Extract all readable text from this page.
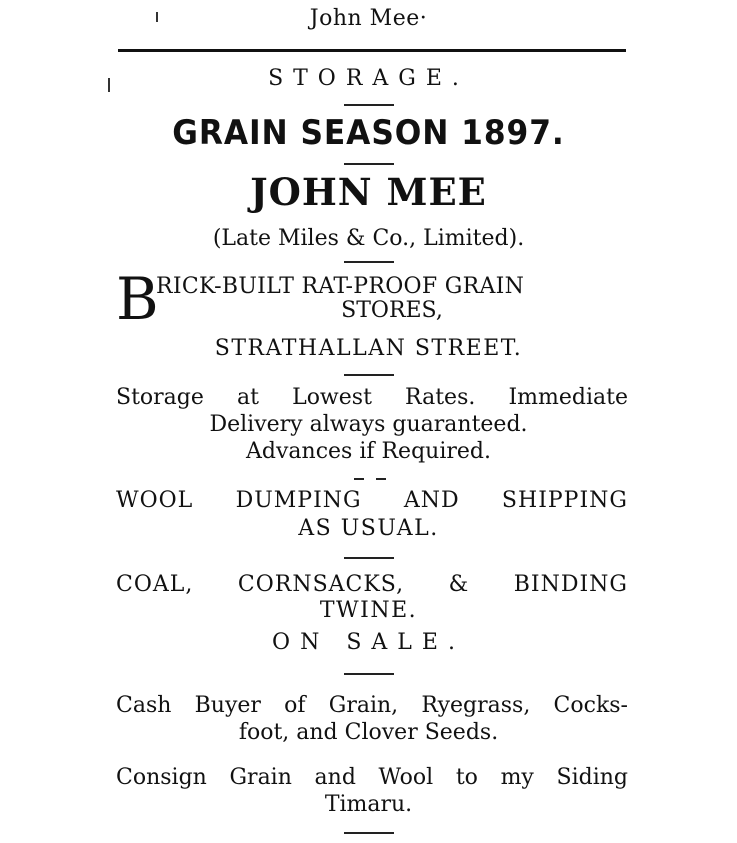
John Mee·
STORAGE.
GRAIN SEASON 1897.
JOHN MEE
(Late Miles & Co., Limited).
B
RICK-BUILT RAT-PROOF GRAIN
STORES,
STRATHALLAN STREET.
Storage at Lowest Rates. Immediate
Delivery always guaranteed.
Advances if Required.
WOOL DUMPING AND SHIPPING
AS USUAL.
COAL, CORNSACKS, & BINDING
TWINE.
ON SALE.
Cash Buyer of Grain, Ryegrass, Cocks-
foot, and Clover Seeds.
Consign Grain and Wool to my Siding
Timaru.
